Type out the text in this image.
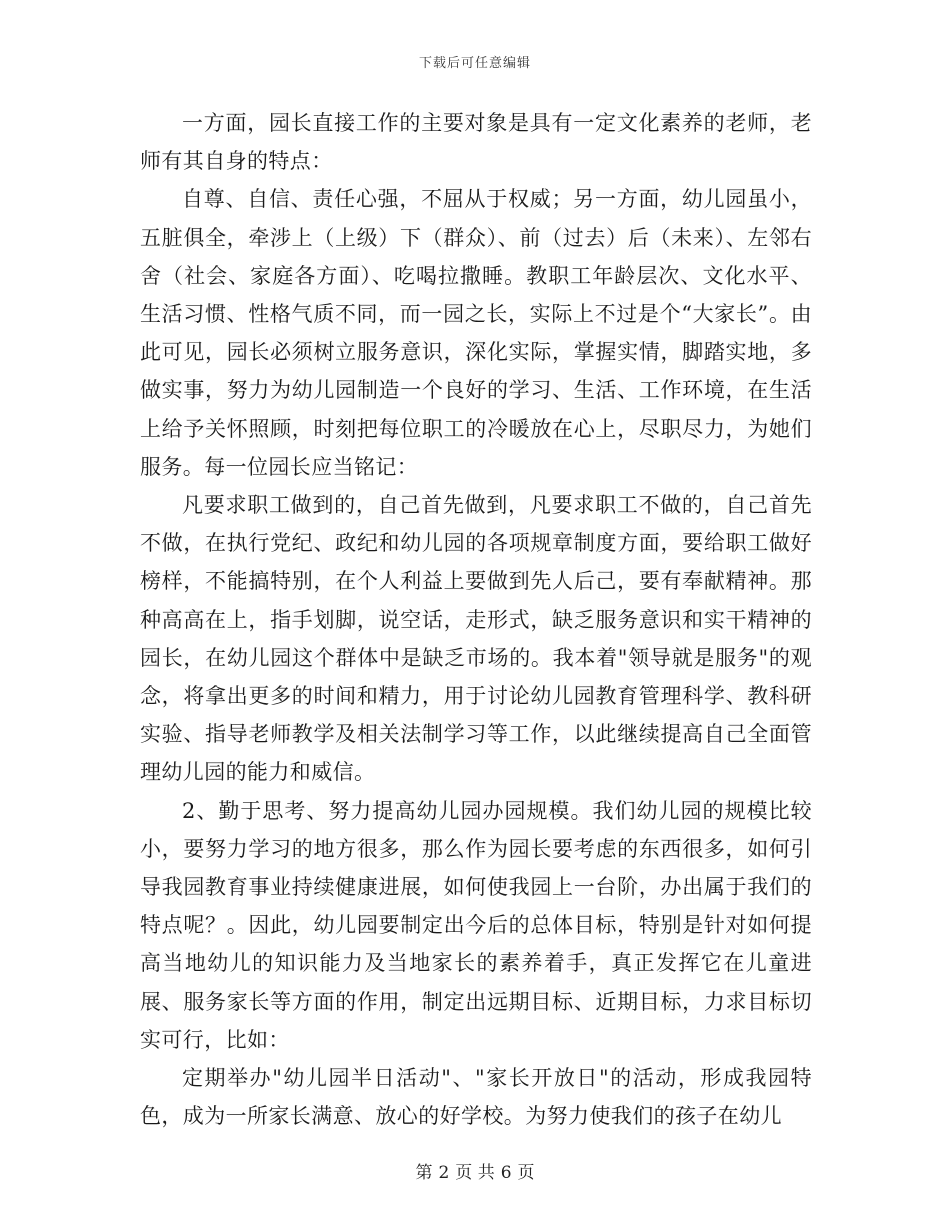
下载后可任意编辑

一方面，园长直接工作的主要对象是具有一定文化素养的老师，老师有其自身的特点：

自尊、自信、责任心强，不屈从于权威；另一方面，幼儿园虽小，五脏俱全，牵涉上（上级）下（群众）、前（过去）后（未来）、左邻右舍（社会、家庭各方面）、吃喝拉撒睡。教职工年龄层次、文化水平、生活习惯、性格气质不同，而一园之长，实际上不过是个“大家长”。由此可见，园长必须树立服务意识，深化实际，掌握实情，脚踏实地，多做实事，努力为幼儿园制造一个良好的学习、生活、工作环境，在生活上给予关怀照顾，时刻把每位职工的冷暖放在心上，尽职尽力，为她们服务。每一位园长应当铭记：

凡要求职工做到的，自己首先做到，凡要求职工不做的，自己首先不做，在执行党纪、政纪和幼儿园的各项规章制度方面，要给职工做好榜样，不能搞特别，在个人利益上要做到先人后己，要有奉献精神。那种高高在上，指手划脚，说空话，走形式，缺乏服务意识和实干精神的园长，在幼儿园这个群体中是缺乏市场的。我本着"领导就是服务"的观念，将拿出更多的时间和精力，用于讨论幼儿园教育管理科学、教科研实验、指导老师教学及相关法制学习等工作，以此继续提高自己全面管理幼儿园的能力和威信。

2、勤于思考、努力提高幼儿园办园规模。我们幼儿园的规模比较小，要努力学习的地方很多，那么作为园长要考虑的东西很多，如何引导我园教育事业持续健康进展，如何使我园上一台阶，办出属于我们的特点呢？。因此，幼儿园要制定出今后的总体目标，特别是针对如何提高当地幼儿的知识能力及当地家长的素养着手，真正发挥它在儿童进展、服务家长等方面的作用，制定出远期目标、近期目标，力求目标切实可行，比如：

定期举办"幼儿园半日活动"、"家长开放日"的活动，形成我园特色，成为一所家长满意、放心的好学校。为努力使我们的孩子在幼儿

第 2 页 共 6 页
